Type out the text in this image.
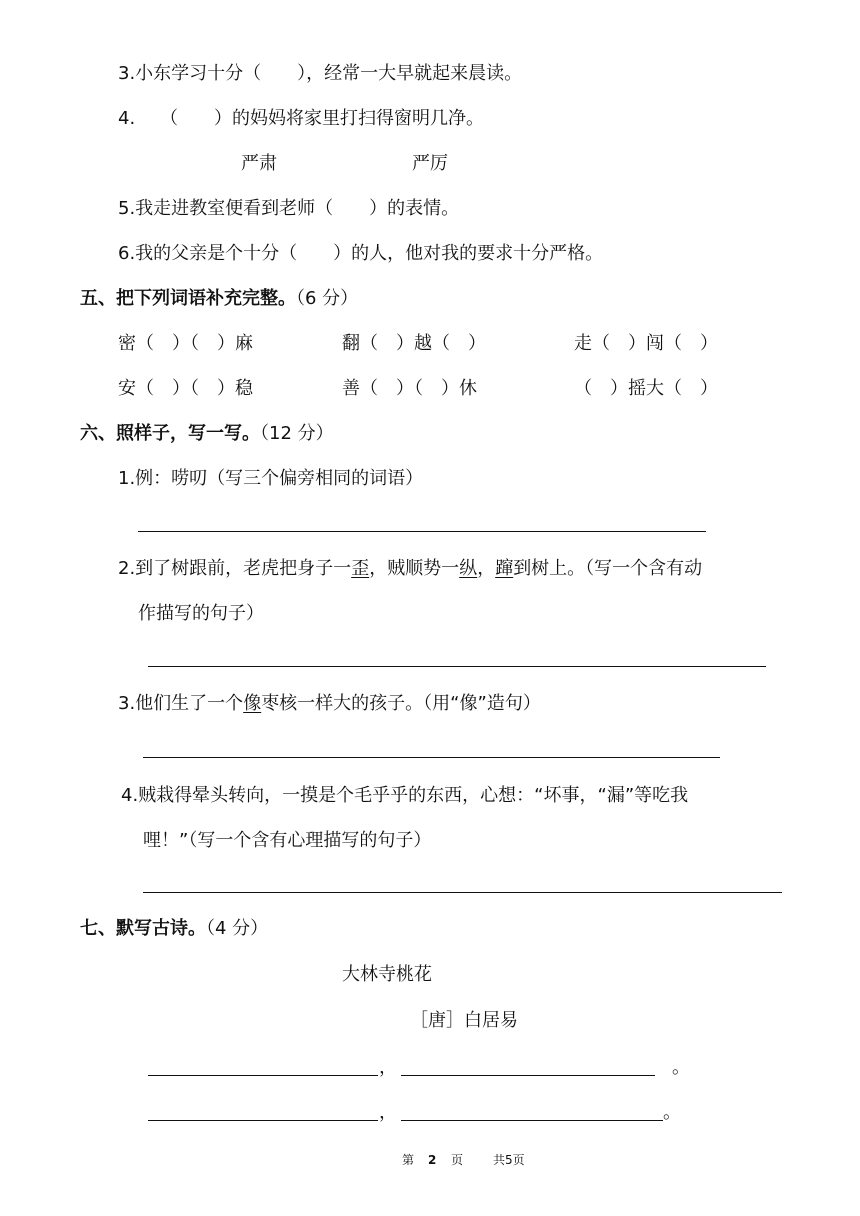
3.小东学习十分（　　），经常一大早就起来晨读。
4. （　　）的妈妈将家里打扫得窗明几净。
严肃	严厉
5.我走进教室便看到老师（　　）的表情。
6.我的父亲是个十分（　　）的人，他对我的要求十分严格。
五、把下列词语补充完整。（6 分）
密（　）（　）麻	翻（　）越（　）	走（　）闯（　）
安（　）（　）稳	善（　）（　）休	（　）摇大（　）
六、照样子，写一写。（12 分）
1.例：唠叨（写三个偏旁相同的词语）
2.到了树跟前，老虎把身子一歪，贼顺势一纵，蹿到树上。（写一个含有动
作描写的句子）
3.他们生了一个像枣核一样大的孩子。（用“像”造句）
4.贼栽得晕头转向，一摸是个毛乎乎的东西，心想：“坏事，“漏”等吃我
哩！”（写一个含有心理描写的句子）
七、默写古诗。（4 分）
大林寺桃花
［唐］白居易
，	。
，	。
第 2 页 共5页
